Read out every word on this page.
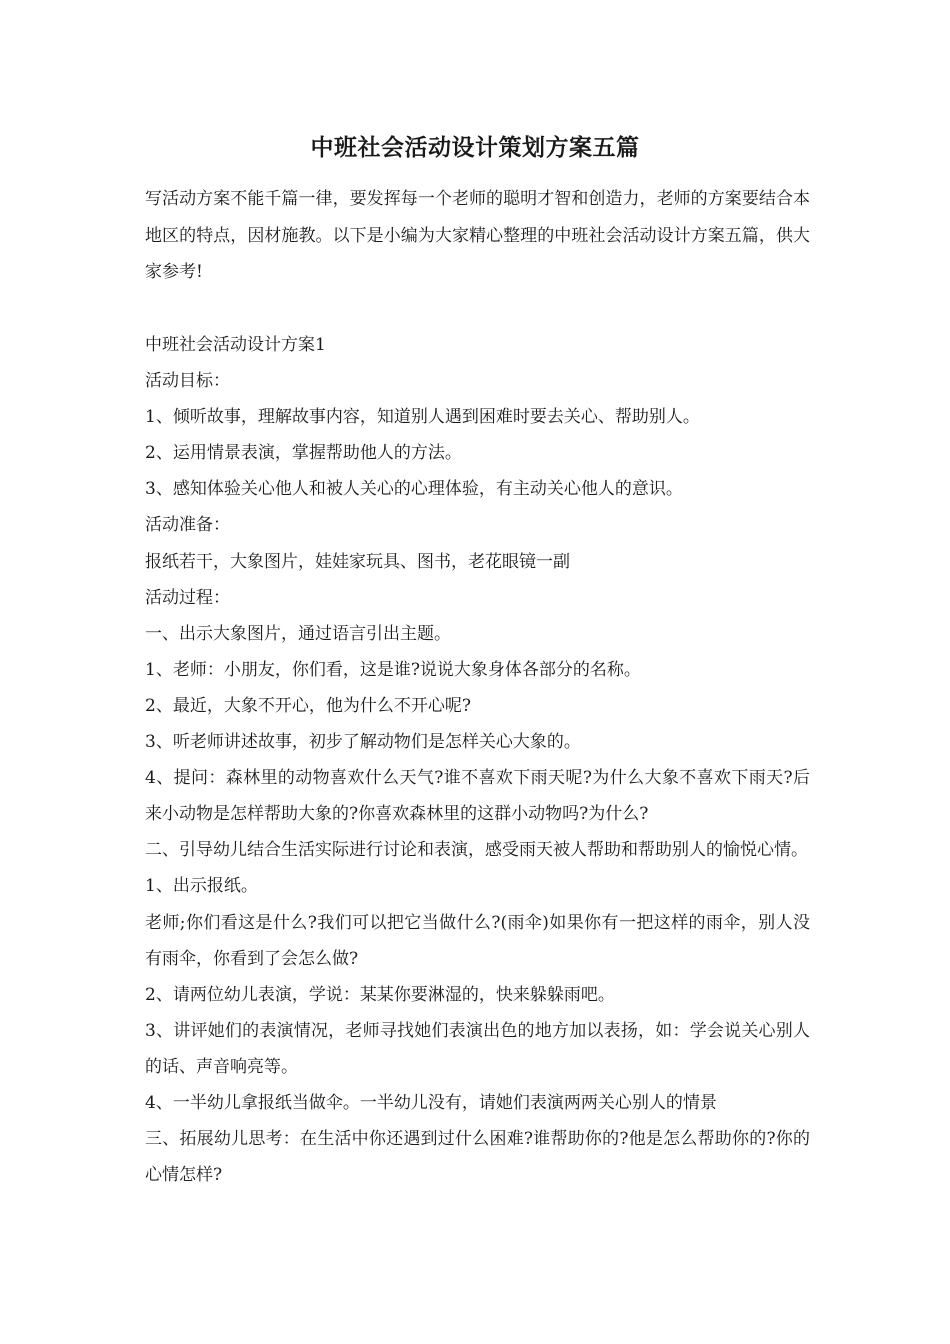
中班社会活动设计策划方案五篇

写活动方案不能千篇一律，要发挥每一个老师的聪明才智和创造力，老师的方案要结合本地区的特点，因材施教。以下是小编为大家精心整理的中班社会活动设计方案五篇，供大家参考!

中班社会活动设计方案1

活动目标：

1、倾听故事，理解故事内容，知道别人遇到困难时要去关心、帮助别人。

2、运用情景表演，掌握帮助他人的方法。

3、感知体验关心他人和被人关心的心理体验，有主动关心他人的意识。

活动准备：

报纸若干，大象图片，娃娃家玩具、图书，老花眼镜一副

活动过程：

一、出示大象图片，通过语言引出主题。

1、老师：小朋友，你们看，这是谁?说说大象身体各部分的名称。

2、最近，大象不开心，他为什么不开心呢?

3、听老师讲述故事，初步了解动物们是怎样关心大象的。

4、提问：森林里的动物喜欢什么天气?谁不喜欢下雨天呢?为什么大象不喜欢下雨天?后来小动物是怎样帮助大象的?你喜欢森林里的这群小动物吗?为什么?

二、引导幼儿结合生活实际进行讨论和表演，感受雨天被人帮助和帮助别人的愉悦心情。

1、出示报纸。

老师;你们看这是什么?我们可以把它当做什么?(雨伞)如果你有一把这样的雨伞，别人没有雨伞，你看到了会怎么做?

2、请两位幼儿表演，学说：某某你要淋湿的，快来躲躲雨吧。

3、讲评她们的表演情况，老师寻找她们表演出色的地方加以表扬，如：学会说关心别人的话、声音响亮等。

4、一半幼儿拿报纸当做伞。一半幼儿没有，请她们表演两两关心别人的情景

三、拓展幼儿思考：在生活中你还遇到过什么困难?谁帮助你的?他是怎么帮助你的?你的心情怎样?
